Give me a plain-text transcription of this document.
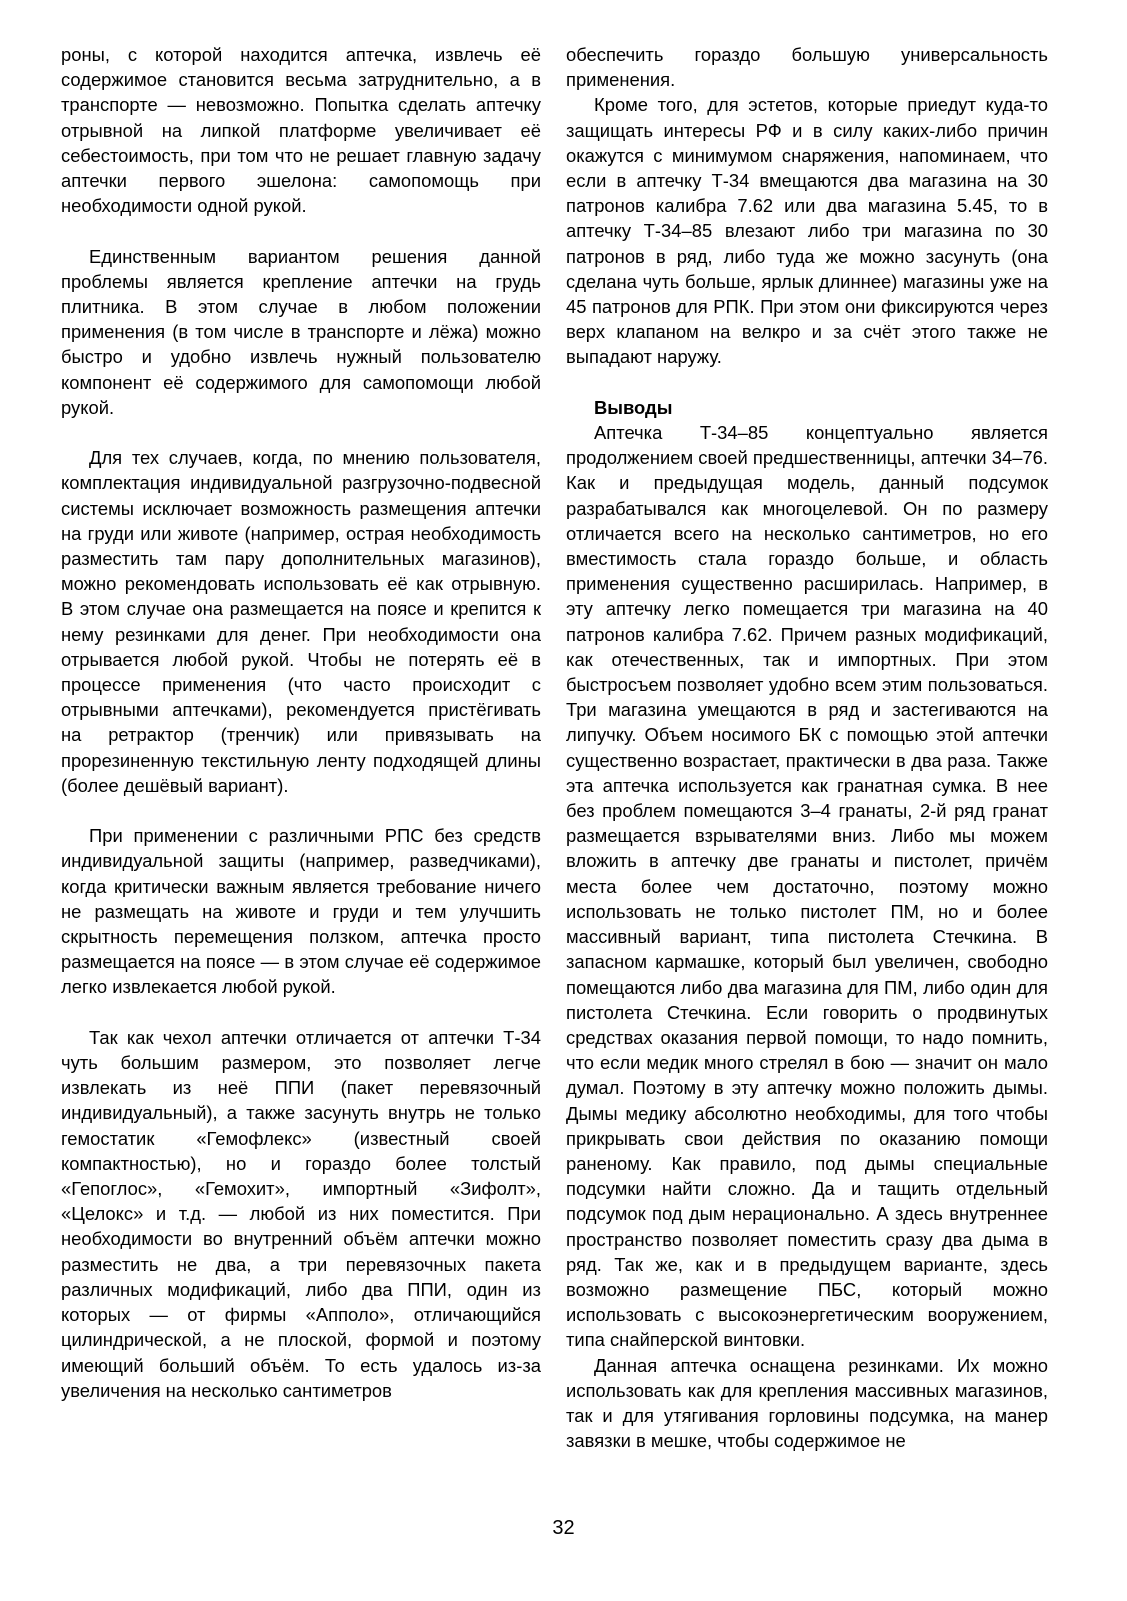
роны, с которой находится аптечка, извлечь её содержимое становится весьма затруднительно, а в транспорте — невозможно. Попытка сделать аптечку отрывной на липкой платформе увеличивает её себестоимость, при том что не решает главную задачу аптечки первого эшелона: самопомощь при необходимости одной рукой.

Единственным вариантом решения данной проблемы является крепление аптечки на грудь плитника. В этом случае в любом положении применения (в том числе в транспорте и лёжа) можно быстро и удобно извлечь нужный пользователю компонент её содержимого для самопомощи любой рукой.

Для тех случаев, когда, по мнению пользователя, комплектация индивидуальной разгрузочно-подвесной системы исключает возможность размещения аптечки на груди или животе (например, острая необходимость разместить там пару дополнительных магазинов), можно рекомендовать использовать её как отрывную. В этом случае она размещается на поясе и крепится к нему резинками для денег. При необходимости она отрывается любой рукой. Чтобы не потерять её в процессе применения (что часто происходит с отрывными аптечками), рекомендуется пристёгивать на ретрактор (тренчик) или привязывать на прорезиненную текстильную ленту подходящей длины (более дешёвый вариант).

При применении с различными РПС без средств индивидуальной защиты (например, разведчиками), когда критически важным является требование ничего не размещать на животе и груди и тем улучшить скрытность перемещения ползком, аптечка просто размещается на поясе — в этом случае её содержимое легко извлекается любой рукой.

Так как чехол аптечки отличается от аптечки Т-34 чуть большим размером, это позволяет легче извлекать из неё ППИ (пакет перевязочный индивидуальный), а также засунуть внутрь не только гемостатик «Гемофлекс» (известный своей компактностью), но и гораздо более толстый «Гепоглос», «Гемохит», импортный «Зифолт», «Целокс» и т.д. — любой из них поместится. При необходимости во внутренний объём аптечки можно разместить не два, а три перевязочных пакета различных модификаций, либо два ППИ, один из которых — от фирмы «Апполо», отличающийся цилиндрической, а не плоской, формой и поэтому имеющий больший объём. То есть удалось из-за увеличения на несколько сантиметров

обеспечить гораздо большую универсальность применения.

Кроме того, для эстетов, которые приедут куда-то защищать интересы РФ и в силу каких-либо причин окажутся с минимумом снаряжения, напоминаем, что если в аптечку Т-34 вмещаются два магазина на 30 патронов калибра 7.62 или два магазина 5.45, то в аптечку Т-34–85 влезают либо три магазина по 30 патронов в ряд, либо туда же можно засунуть (она сделана чуть больше, ярлык длиннее) магазины уже на 45 патронов для РПК. При этом они фиксируются через верх клапаном на велкро и за счёт этого также не выпадают наружу.

Выводы

Аптечка Т-34–85 концептуально является продолжением своей предшественницы, аптечки 34–76. Как и предыдущая модель, данный подсумок разрабатывался как многоцелевой. Он по размеру отличается всего на несколько сантиметров, но его вместимость стала гораздо больше, и область применения существенно расширилась. Например, в эту аптечку легко помещается три магазина на 40 патронов калибра 7.62. Причем разных модификаций, как отечественных, так и импортных. При этом быстросъем позволяет удобно всем этим пользоваться. Три магазина умещаются в ряд и застегиваются на липучку. Объем носимого БК с помощью этой аптечки существенно возрастает, практически в два раза. Также эта аптечка используется как гранатная сумка. В нее без проблем помещаются 3–4 гранаты, 2-й ряд гранат размещается взрывателями вниз. Либо мы можем вложить в аптечку две гранаты и пистолет, причём места более чем достаточно, поэтому можно использовать не только пистолет ПМ, но и более массивный вариант, типа пистолета Стечкина. В запасном кармашке, который был увеличен, свободно помещаются либо два магазина для ПМ, либо один для пистолета Стечкина. Если говорить о продвинутых средствах оказания первой помощи, то надо помнить, что если медик много стрелял в бою — значит он мало думал. Поэтому в эту аптечку можно положить дымы. Дымы медику абсолютно необходимы, для того чтобы прикрывать свои действия по оказанию помощи раненому. Как правило, под дымы специальные подсумки найти сложно. Да и тащить отдельный подсумок под дым нерационально. А здесь внутреннее пространство позволяет поместить сразу два дыма в ряд. Так же, как и в предыдущем варианте, здесь возможно размещение ПБС, который можно использовать с высокоэнергетическим вооружением, типа снайперской винтовки.

Данная аптечка оснащена резинками. Их можно использовать как для крепления массивных магазинов, так и для утягивания горловины подсумка, на манер завязки в мешке, чтобы содержимое не

32
